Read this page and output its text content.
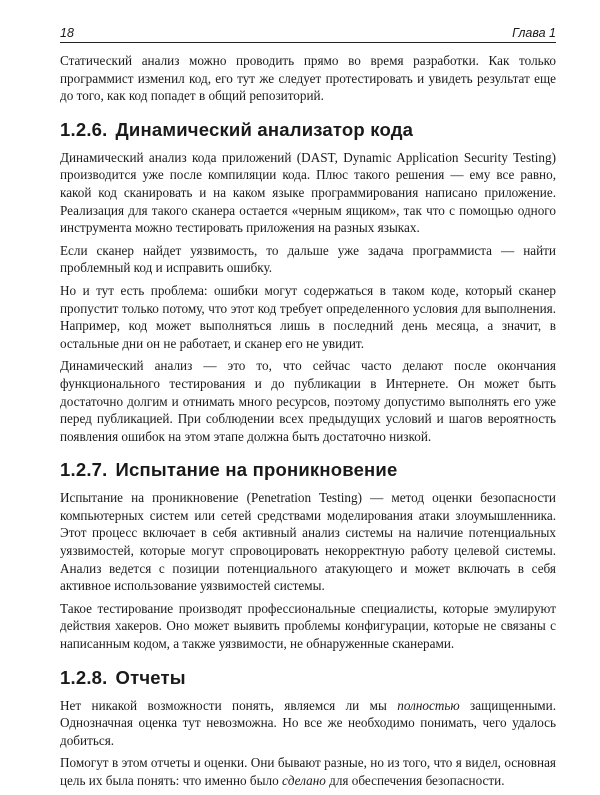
18	Глава 1

Статический анализ можно проводить прямо во время разработки. Как только программист изменил код, его тут же следует протестировать и увидеть результат еще до того, как код попадет в общий репозиторий.

1.2.6. Динамический анализатор кода

Динамический анализ кода приложений (DAST, Dynamic Application Security Testing) производится уже после компиляции кода. Плюс такого решения — ему все равно, какой код сканировать и на каком языке программирования написано приложение. Реализация для такого сканера остается «черным ящиком», так что с помощью одного инструмента можно тестировать приложения на разных языках.

Если сканер найдет уязвимость, то дальше уже задача программиста — найти проблемный код и исправить ошибку.

Но и тут есть проблема: ошибки могут содержаться в таком коде, который сканер пропустит только потому, что этот код требует определенного условия для выполнения. Например, код может выполняться лишь в последний день месяца, а значит, в остальные дни он не работает, и сканер его не увидит.

Динамический анализ — это то, что сейчас часто делают после окончания функционального тестирования и до публикации в Интернете. Он может быть достаточно долгим и отнимать много ресурсов, поэтому допустимо выполнять его уже перед публикацией. При соблюдении всех предыдущих условий и шагов вероятность появления ошибок на этом этапе должна быть достаточно низкой.

1.2.7. Испытание на проникновение

Испытание на проникновение (Penetration Testing) — метод оценки безопасности компьютерных систем или сетей средствами моделирования атаки злоумышленника. Этот процесс включает в себя активный анализ системы на наличие потенциальных уязвимостей, которые могут спровоцировать некорректную работу целевой системы. Анализ ведется с позиции потенциального атакующего и может включать в себя активное использование уязвимостей системы.

Такое тестирование производят профессиональные специалисты, которые эмулируют действия хакеров. Оно может выявить проблемы конфигурации, которые не связаны с написанным кодом, а также уязвимости, не обнаруженные сканерами.

1.2.8. Отчеты

Нет никакой возможности понять, являемся ли мы полностью защищенными. Однозначная оценка тут невозможна. Но все же необходимо понимать, чего удалось добиться.

Помогут в этом отчеты и оценки. Они бывают разные, но из того, что я видел, основная цель их была понять: что именно было сделано для обеспечения безопасности.
